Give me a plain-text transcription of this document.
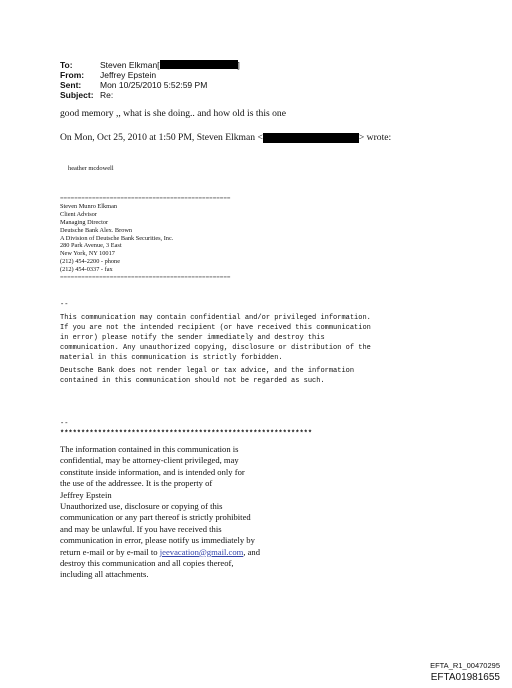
To:	Steven Elkman [	]
From:	Jeffrey Epstein
Sent:	Mon 10/25/2010 5:52:59 PM
Subject: Re:
good memory ,, what is she doing.. and how old is this one
On Mon, Oct 25, 2010 at 1:50 PM, Steven Elkman <	> wrote:
heather mcdowell
================================================
Steven Munro Elkman
Client Advisor
Managing Director
Deutsche Bank Alex. Brown
A Division of Deutsche Bank Securities, Inc.
280 Park Avenue, 3 East
New York, NY 10017
(212) 454-2200 - phone
(212) 454-0337 - fax
================================================
--
This communication may contain confidential and/or privileged information.
If you are not the intended recipient (or have received this communication
in error) please notify the sender immediately and destroy this
communication. Any unauthorized copying, disclosure or distribution of the
material in this communication is strictly forbidden.
Deutsche Bank does not render legal or tax advice, and the information
contained in this communication should not be regarded as such.
--
************************************************************
The information contained in this communication is
confidential, may be attorney-client privileged, may
constitute inside information, and is intended only for
the use of the addressee. It is the property of
Jeffrey Epstein
Unauthorized use, disclosure or copying of this
communication or any part thereof is strictly prohibited
and may be unlawful. If you have received this
communication in error, please notify us immediately by
return e-mail or by e-mail to jeevacation@gmail.com, and
destroy this communication and all copies thereof,
including all attachments.
EFTA_R1_00470295
EFTA01981655
